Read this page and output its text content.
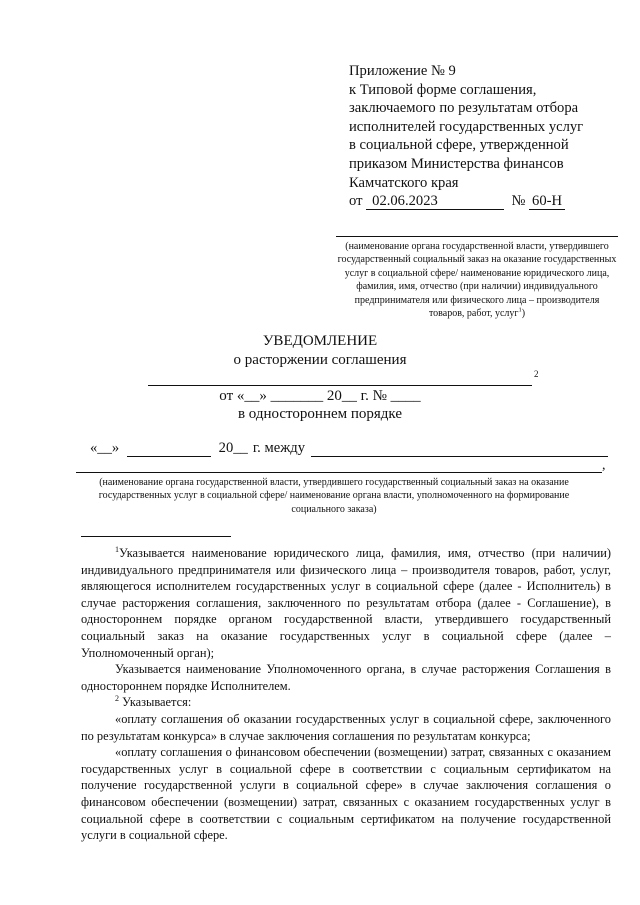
Приложение № 9
к Типовой форме соглашения,
заключаемого по результатам отбора
исполнителей государственных услуг
в социальной сфере, утвержденной
приказом Министерства финансов
Камчатского края
от 02.06.2023	№ 60-Н
(наименование органа государственной власти, утвердившего государственный социальный заказ на оказание государственных услуг в социальной сфере/ наименование юридического лица, фамилия, имя, отчество (при наличии) индивидуального предпринимателя или физического лица – производителя товаров, работ, услуг$^1$)
УВЕДОМЛЕНИЕ
о расторжении соглашения
2
от «__» _______ 20__ г. № ____
в одностороннем порядке
«__»	20__ г. между
,
(наименование органа государственной власти, утвердившего государственный социальный заказ на оказание государственных услуг в социальной сфере/ наименование органа власти, уполномоченного на формирование социального заказа)

$^1$Указывается наименование юридического лица, фамилия, имя, отчество (при наличии) индивидуального предпринимателя или физического лица – производителя товаров, работ, услуг, являющегося исполнителем государственных услуг в социальной сфере (далее - Исполнитель) в случае расторжения соглашения, заключенного по результатам отбора (далее - Соглашение), в одностороннем порядке органом государственной власти, утвердившего государственный социальный заказ на оказание государственных услуг в социальной сфере (далее – Уполномоченный орган);

Указывается наименование Уполномоченного органа, в случае расторжения Соглашения в одностороннем порядке Исполнителем.

$^2$ Указывается:

«оплату соглашения об оказании государственных услуг в социальной сфере, заключенного по результатам конкурса» в случае заключения соглашения по результатам конкурса;

«оплату соглашения о финансовом обеспечении (возмещении) затрат, связанных с оказанием государственных услуг в социальной сфере в соответствии с социальным сертификатом на получение государственной услуги в социальной сфере» в случае заключения соглашения о финансовом обеспечении (возмещении) затрат, связанных с оказанием государственных услуг в социальной сфере в соответствии с социальным сертификатом на получение государственной услуги в социальной сфере.
